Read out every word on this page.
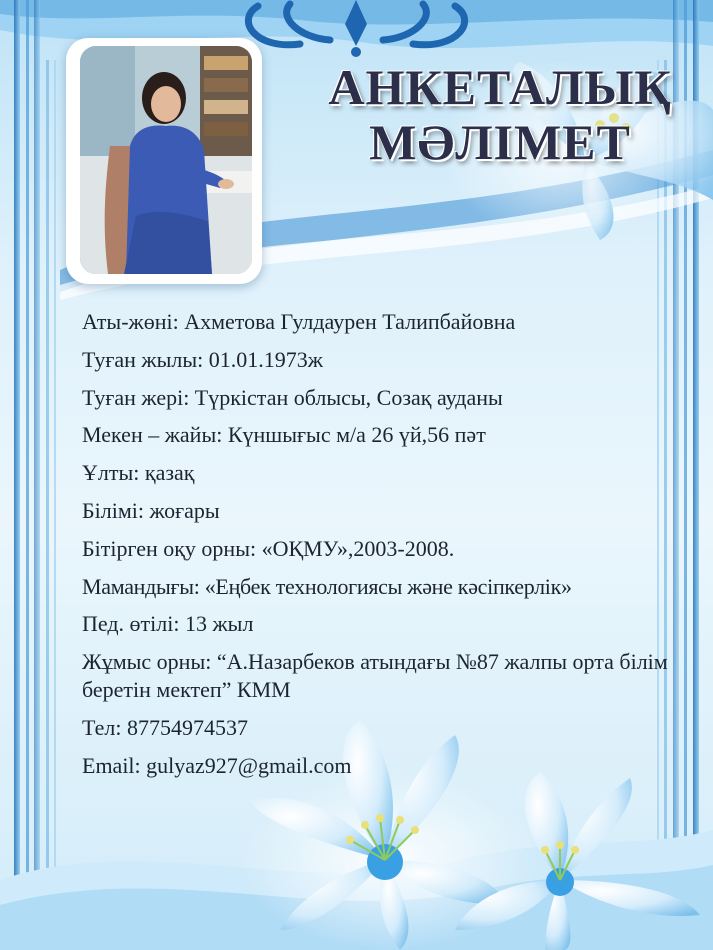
АНКЕТАЛЫҚ
МӘЛІМЕТ
Аты-жөні: Ахметова Гулдаурен Талипбайовна
Туған жылы: 01.01.1973ж
Туған жері: Түркістан облысы, Созақ ауданы
Мекен – жайы: Күншығыс м/а 26 үй,56 пәт
Ұлты: қазақ
Білімі: жоғары
Бітірген оқу орны: «ОҚМУ»,2003-2008.
Мамандығы: «Еңбек технологиясы және кәсіпкерлік»
Пед. өтілі: 13 жыл
Жұмыс орны: “А.Назарбеков атындағы №87 жалпы орта білім беретін мектеп” КММ
Тел: 87754974537
Email: gulyaz927@gmail.com
